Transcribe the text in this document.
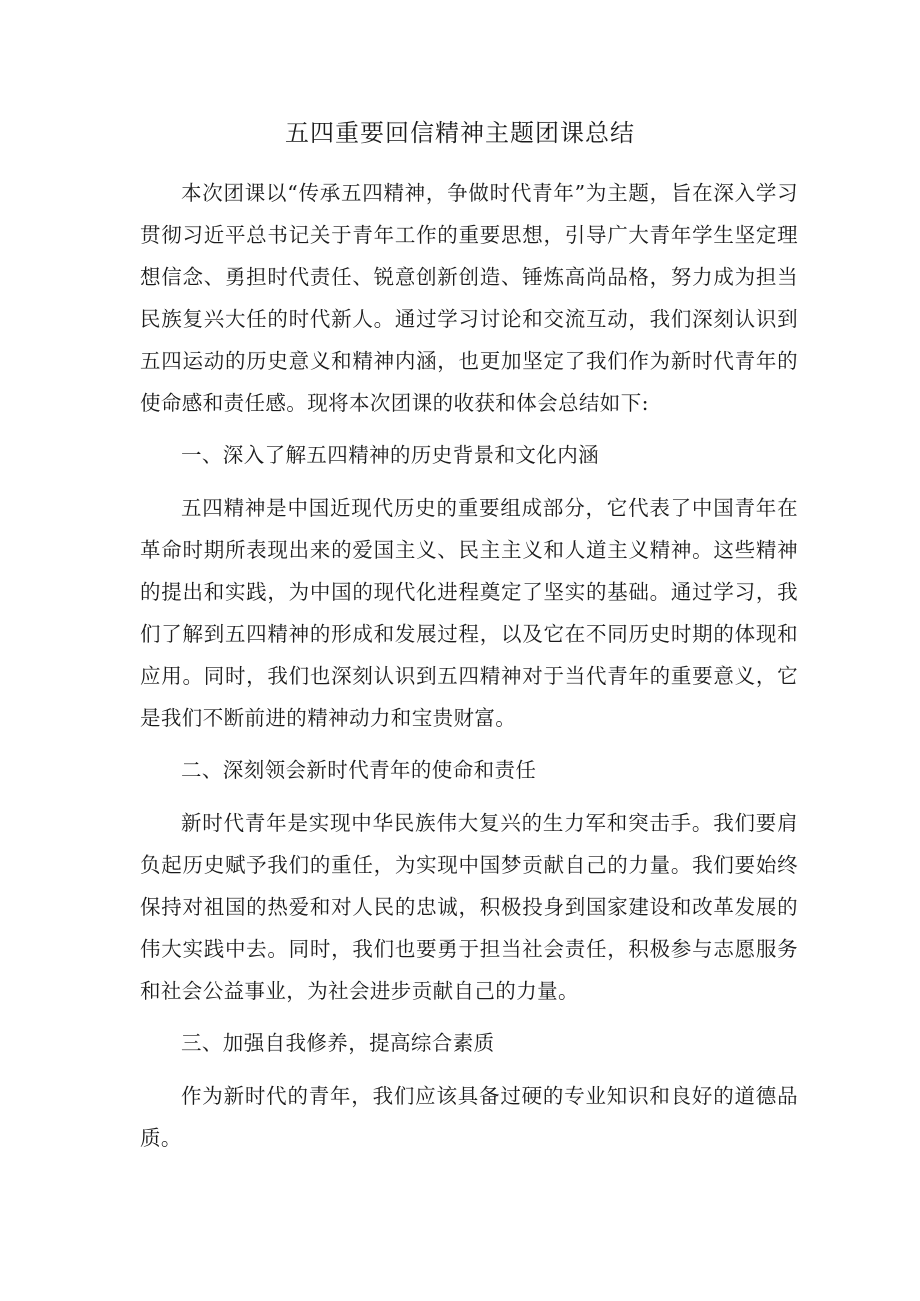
五四重要回信精神主题团课总结

本次团课以“传承五四精神，争做时代青年”为主题，旨在深入学习贯彻习近平总书记关于青年工作的重要思想，引导广大青年学生坚定理想信念、勇担时代责任、锐意创新创造、锤炼高尚品格，努力成为担当民族复兴大任的时代新人。通过学习讨论和交流互动，我们深刻认识到五四运动的历史意义和精神内涵，也更加坚定了我们作为新时代青年的使命感和责任感。现将本次团课的收获和体会总结如下:

一、深入了解五四精神的历史背景和文化内涵

五四精神是中国近现代历史的重要组成部分，它代表了中国青年在革命时期所表现出来的爱国主义、民主主义和人道主义精神。这些精神的提出和实践，为中国的现代化进程奠定了坚实的基础。通过学习，我们了解到五四精神的形成和发展过程，以及它在不同历史时期的体现和应用。同时，我们也深刻认识到五四精神对于当代青年的重要意义，它是我们不断前进的精神动力和宝贵财富。

二、深刻领会新时代青年的使命和责任

新时代青年是实现中华民族伟大复兴的生力军和突击手。我们要肩负起历史赋予我们的重任，为实现中国梦贡献自己的力量。我们要始终保持对祖国的热爱和对人民的忠诚，积极投身到国家建设和改革发展的伟大实践中去。同时，我们也要勇于担当社会责任，积极参与志愿服务和社会公益事业，为社会进步贡献自己的力量。

三、加强自我修养，提高综合素质

作为新时代的青年，我们应该具备过硬的专业知识和良好的道德品质。
